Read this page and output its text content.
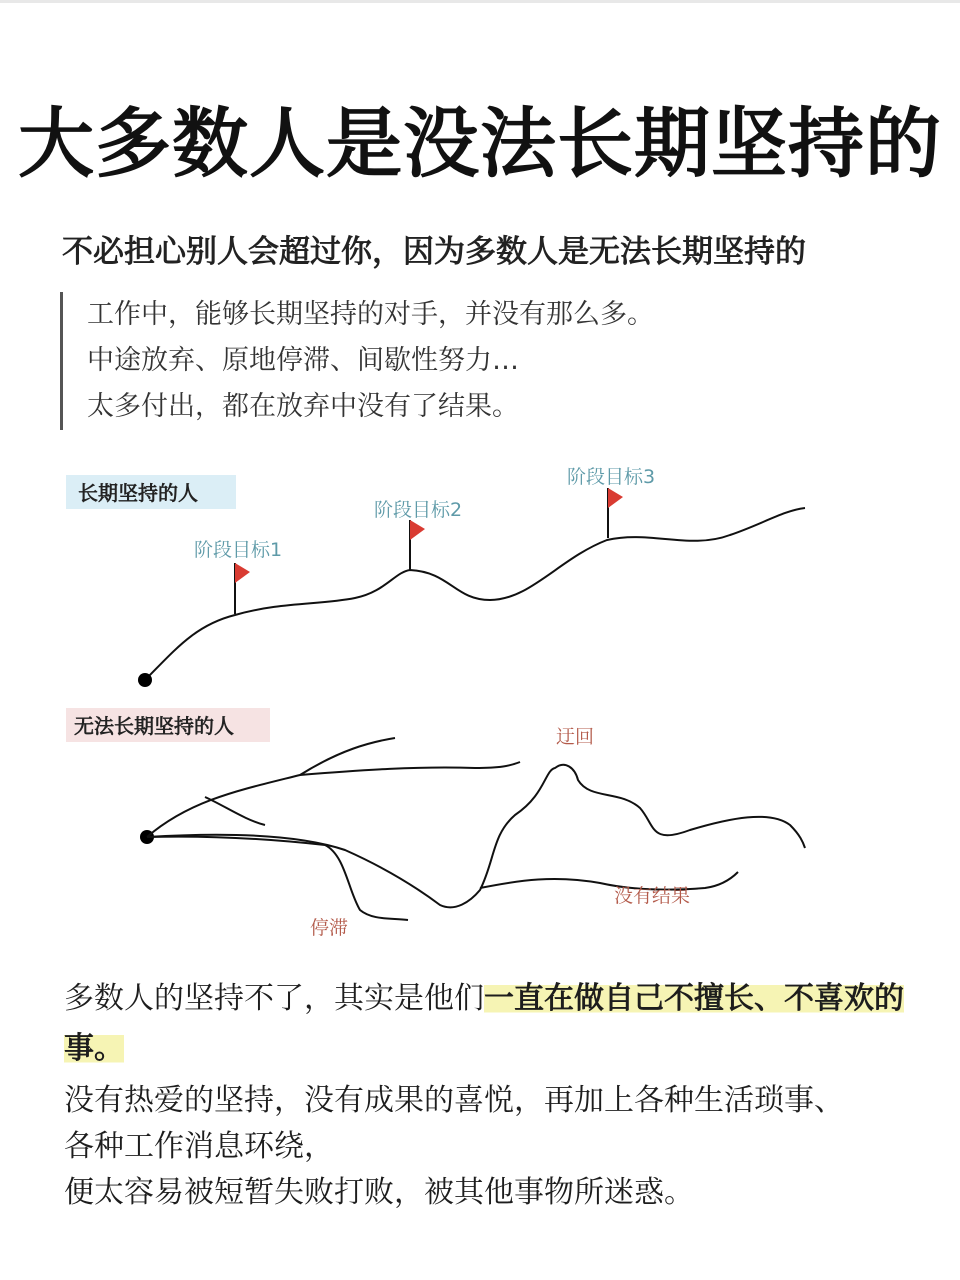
大多数人是没法长期坚持的
不必担心别人会超过你，因为多数人是无法长期坚持的
工作中，能够长期坚持的对手，并没有那么多。
中途放弃、原地停滞、间歇性努力…
太多付出，都在放弃中没有了结果。
长期坚持的人
阶段目标1
阶段目标2
阶段目标3
无法长期坚持的人	迂回
停滞
没有结果
多数人的坚持不了，其实是他们一直在做自己不擅长、不喜欢的事。
没有热爱的坚持，没有成果的喜悦，再加上各种生活琐事、
各种工作消息环绕，
便太容易被短暂失败打败，被其他事物所迷惑。
